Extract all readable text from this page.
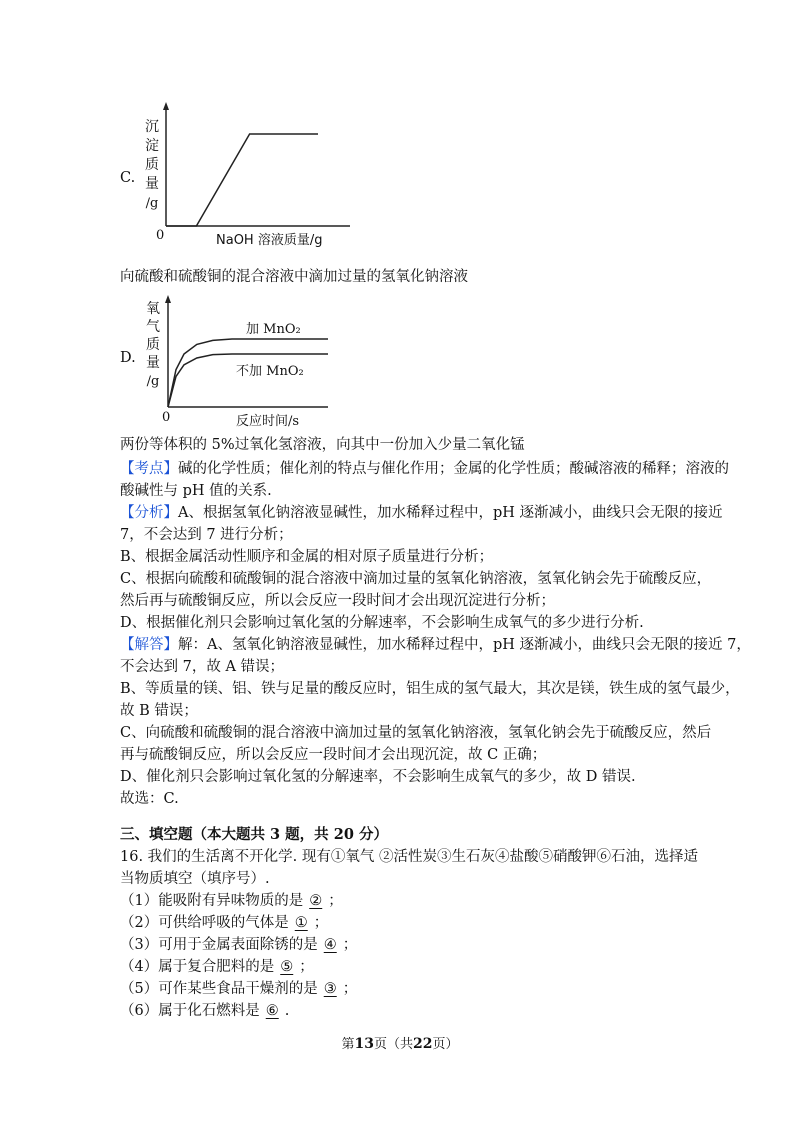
C.
沉
淀
质
量
/g
0	NaOH 溶液质量/g
向硫酸和硫酸铜的混合溶液中滴加过量的氢氧化钠溶液
D.
氧
气
质
量
/g
加 MnO₂
不加 MnO₂
0	反应时间/s
两份等体积的 5%过氧化氢溶液，向其中一份加入少量二氧化锰
【考点】碱的化学性质；催化剂的特点与催化作用；金属的化学性质；酸碱溶液的稀释；溶液的
酸碱性与 pH 值的关系.
【分析】A、根据氢氧化钠溶液显碱性，加水稀释过程中，pH 逐渐减小，曲线只会无限的接近
7，不会达到 7 进行分析；
B、根据金属活动性顺序和金属的相对原子质量进行分析；
C、根据向硫酸和硫酸铜的混合溶液中滴加过量的氢氧化钠溶液，氢氧化钠会先于硫酸反应，
然后再与硫酸铜反应，所以会反应一段时间才会出现沉淀进行分析；
D、根据催化剂只会影响过氧化氢的分解速率，不会影响生成氧气的多少进行分析.
【解答】解：A、氢氧化钠溶液显碱性，加水稀释过程中，pH 逐渐减小，曲线只会无限的接近 7，
不会达到 7，故 A 错误；
B、等质量的镁、铝、铁与足量的酸反应时，铝生成的氢气最大，其次是镁，铁生成的氢气最少，
故 B 错误；
C、向硫酸和硫酸铜的混合溶液中滴加过量的氢氧化钠溶液，氢氧化钠会先于硫酸反应，然后
再与硫酸铜反应，所以会反应一段时间才会出现沉淀，故 C 正确；
D、催化剂只会影响过氧化氢的分解速率，不会影响生成氧气的多少，故 D 错误.
故选：C.
三、填空题（本大题共 3 题，共 20 分）
16. 我们的生活离不开化学. 现有①氧气 ②活性炭③生石灰④盐酸⑤硝酸钾⑥石油，选择适
当物质填空（填序号）.
（1）能吸附有异味物质的是 ② ；
（2）可供给呼吸的气体是 ① ；
（3）可用于金属表面除锈的是 ④ ；
（4）属于复合肥料的是 ⑤ ；
（5）可作某些食品干燥剂的是 ③ ；
（6）属于化石燃料是 ⑥ .
第13页（共22页）
